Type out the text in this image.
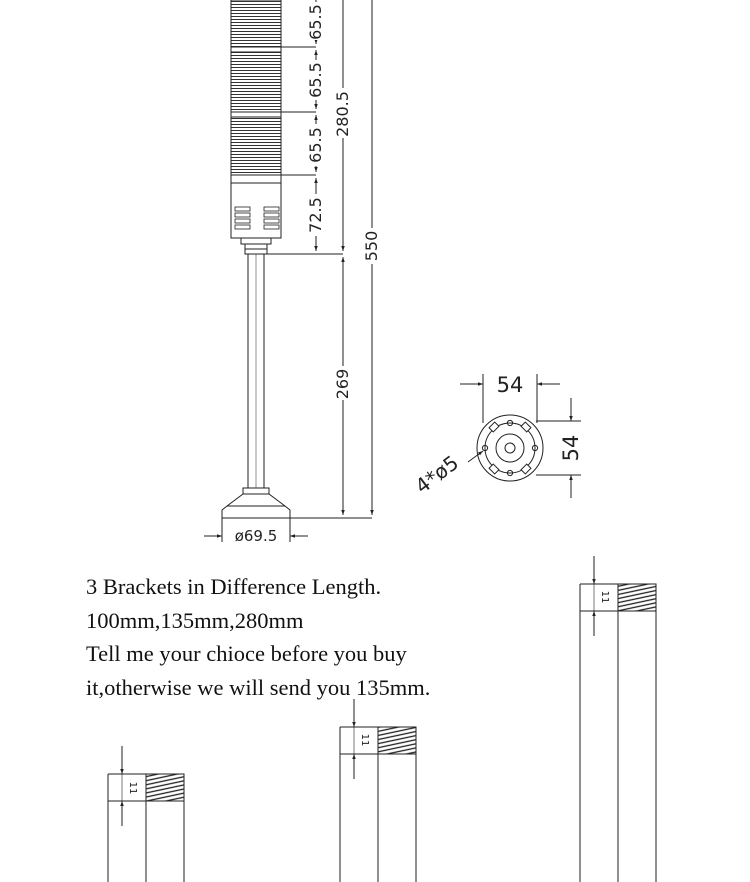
65.5
65.5
65.5
72.5
280.5
269
550
ø69.5
54
54
4*ø5
11
11
11
3 Brackets in Difference Length.
100mm,135mm,280mm
Tell me your chioce before you buy
it,otherwise we will send you 135mm.
